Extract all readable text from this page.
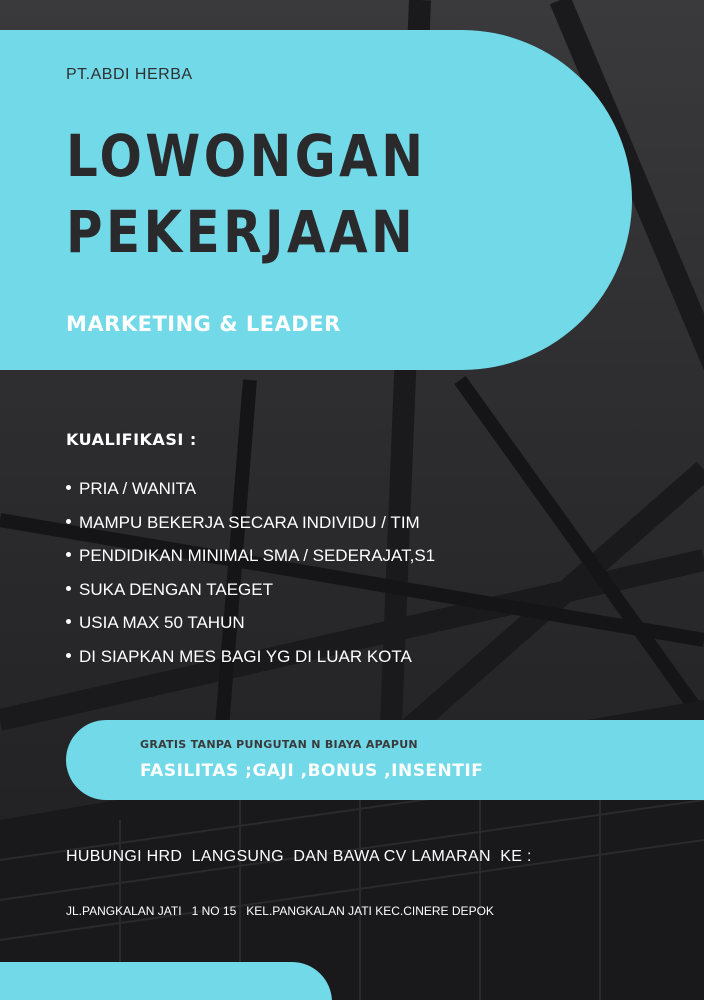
PT.ABDI HERBA

LOWONGAN
PEKERJAAN

MARKETING & LEADER

KUALIFIKASI :

PRIA / WANITA
MAMPU BEKERJA SECARA INDIVIDU / TIM
PENDIDIKAN MINIMAL SMA / SEDERAJAT,S1
SUKA DENGAN TAEGET
USIA MAX 50 TAHUN
DI SIAPKAN MES BAGI YG DI LUAR KOTA

GRATIS TANPA PUNGUTAN N BIAYA APAPUN

FASILITAS ;GAJI ,BONUS ,INSENTIF

HUBUNGI HRD  LANGSUNG  DAN BAWA CV LAMARAN  KE :

JL.PANGKALAN JATI   1 NO 15   KEL.PANGKALAN JATI KEC.CINERE DEPOK
